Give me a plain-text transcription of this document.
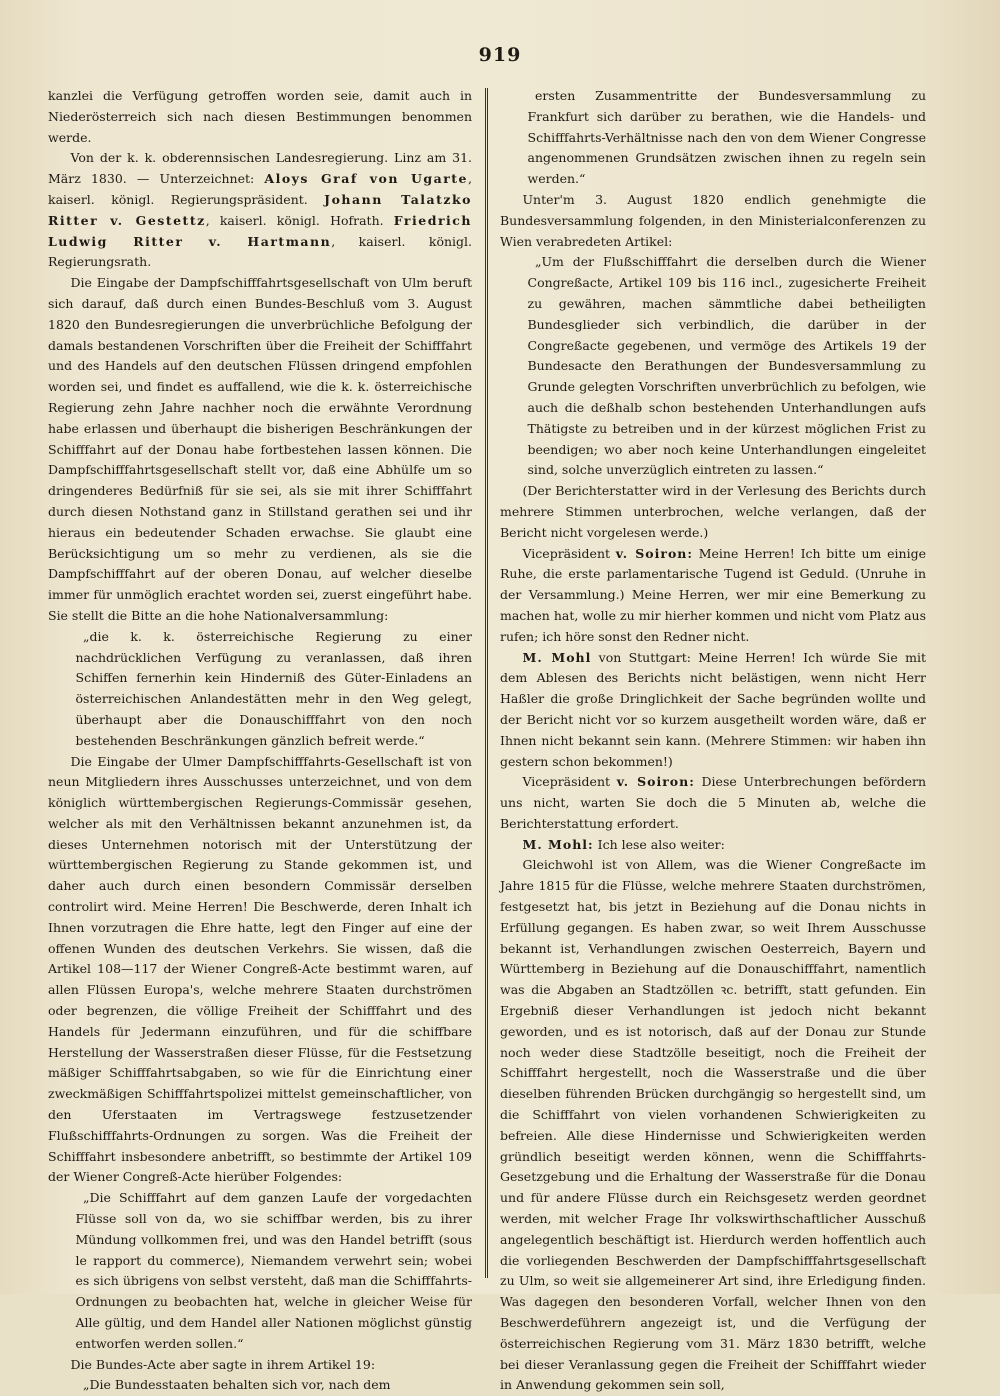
919

kanzlei die Verfügung getroffen worden seie, damit auch in Niederösterreich sich nach diesen Bestimmungen benommen werde.

Von der k. k. obderennsischen Landesregierung. Linz am 31. März 1830. — Unterzeichnet: Aloys Graf von Ugarte, kaiserl. königl. Regierungspräsident. Johann Talatzko Ritter v. Gestettz, kaiserl. königl. Hofrath. Friedrich Ludwig Ritter v. Hartmann, kaiserl. königl. Regierungsrath.

Die Eingabe der Dampfschifffahrtsgesellschaft von Ulm beruft sich darauf, daß durch einen Bundes-Beschluß vom 3. August 1820 den Bundesregierungen die unverbrüchliche Befolgung der damals bestandenen Vorschriften über die Freiheit der Schifffahrt und des Handels auf den deutschen Flüssen dringend empfohlen worden sei, und findet es auffallend, wie die k. k. österreichische Regierung zehn Jahre nachher noch die erwähnte Verordnung habe erlassen und überhaupt die bisherigen Beschränkungen der Schifffahrt auf der Donau habe fortbestehen lassen können. Die Dampfschifffahrtsgesellschaft stellt vor, daß eine Abhülfe um so dringenderes Bedürfniß für sie sei, als sie mit ihrer Schifffahrt durch diesen Nothstand ganz in Stillstand gerathen sei und ihr hieraus ein bedeutender Schaden erwachse. Sie glaubt eine Berücksichtigung um so mehr zu verdienen, als sie die Dampfschifffahrt auf der oberen Donau, auf welcher dieselbe immer für unmöglich erachtet worden sei, zuerst eingeführt habe. Sie stellt die Bitte an die hohe Nationalversammlung:

„die k. k. österreichische Regierung zu einer nachdrücklichen Verfügung zu veranlassen, daß ihren Schiffen fernerhin kein Hinderniß des Güter-Einladens an österreichischen Anlandestätten mehr in den Weg gelegt, überhaupt aber die Donauschifffahrt von den noch bestehenden Beschränkungen gänzlich befreit werde.“

Die Eingabe der Ulmer Dampfschifffahrts-Gesellschaft ist von neun Mitgliedern ihres Ausschusses unterzeichnet, und von dem königlich württembergischen Regierungs-Commissär gesehen, welcher als mit den Verhältnissen bekannt anzunehmen ist, da dieses Unternehmen notorisch mit der Unterstützung der württembergischen Regierung zu Stande gekommen ist, und daher auch durch einen besondern Commissär derselben controlirt wird. Meine Herren! Die Beschwerde, deren Inhalt ich Ihnen vorzutragen die Ehre hatte, legt den Finger auf eine der offenen Wunden des deutschen Verkehrs. Sie wissen, daß die Artikel 108—117 der Wiener Congreß-Acte bestimmt waren, auf allen Flüssen Europa's, welche mehrere Staaten durchströmen oder begrenzen, die völlige Freiheit der Schifffahrt und des Handels für Jedermann einzuführen, und für die schiffbare Herstellung der Wasserstraßen dieser Flüsse, für die Festsetzung mäßiger Schifffahrtsabgaben, so wie für die Einrichtung einer zweckmäßigen Schifffahrtspolizei mittelst gemeinschaftlicher, von den Uferstaaten im Vertragswege festzusetzender Flußschifffahrts-Ordnungen zu sorgen. Was die Freiheit der Schifffahrt insbesondere anbetrifft, so bestimmte der Artikel 109 der Wiener Congreß-Acte hierüber Folgendes:

„Die Schifffahrt auf dem ganzen Laufe der vorgedachten Flüsse soll von da, wo sie schiffbar werden, bis zu ihrer Mündung vollkommen frei, und was den Handel betrifft (sous le rapport du commerce), Niemandem verwehrt sein; wobei es sich übrigens von selbst versteht, daß man die Schifffahrts-Ordnungen zu beobachten hat, welche in gleicher Weise für Alle gültig, und dem Handel aller Nationen möglichst günstig entworfen werden sollen.“

Die Bundes-Acte aber sagte in ihrem Artikel 19:

„Die Bundesstaaten behalten sich vor, nach dem

ersten Zusammentritte der Bundesversammlung zu Frankfurt sich darüber zu berathen, wie die Handels- und Schifffahrts-Verhältnisse nach den von dem Wiener Congresse angenommenen Grundsätzen zwischen ihnen zu regeln sein werden.“

Unter'm 3. August 1820 endlich genehmigte die Bundesversammlung folgenden, in den Ministerialconferenzen zu Wien verabredeten Artikel:

„Um der Flußschifffahrt die derselben durch die Wiener Congreßacte, Artikel 109 bis 116 incl., zugesicherte Freiheit zu gewähren, machen sämmtliche dabei betheiligten Bundesglieder sich verbindlich, die darüber in der Congreßacte gegebenen, und vermöge des Artikels 19 der Bundesacte den Berathungen der Bundesversammlung zu Grunde gelegten Vorschriften unverbrüchlich zu befolgen, wie auch die deßhalb schon bestehenden Unterhandlungen aufs Thätigste zu betreiben und in der kürzest möglichen Frist zu beendigen; wo aber noch keine Unterhandlungen eingeleitet sind, solche unverzüglich eintreten zu lassen.“

(Der Berichterstatter wird in der Verlesung des Berichts durch mehrere Stimmen unterbrochen, welche verlangen, daß der Bericht nicht vorgelesen werde.)

Vicepräsident v. Soiron: Meine Herren! Ich bitte um einige Ruhe, die erste parlamentarische Tugend ist Geduld. (Unruhe in der Versammlung.) Meine Herren, wer mir eine Bemerkung zu machen hat, wolle zu mir hierher kommen und nicht vom Platz aus rufen; ich höre sonst den Redner nicht.

M. Mohl von Stuttgart: Meine Herren! Ich würde Sie mit dem Ablesen des Berichts nicht belästigen, wenn nicht Herr Haßler die große Dringlichkeit der Sache begründen wollte und der Bericht nicht vor so kurzem ausgetheilt worden wäre, daß er Ihnen nicht bekannt sein kann. (Mehrere Stimmen: wir haben ihn gestern schon bekommen!)

Vicepräsident v. Soiron: Diese Unterbrechungen befördern uns nicht, warten Sie doch die 5 Minuten ab, welche die Berichterstattung erfordert.

M. Mohl: Ich lese also weiter:

Gleichwohl ist von Allem, was die Wiener Congreßacte im Jahre 1815 für die Flüsse, welche mehrere Staaten durchströmen, festgesetzt hat, bis jetzt in Beziehung auf die Donau nichts in Erfüllung gegangen. Es haben zwar, so weit Ihrem Ausschusse bekannt ist, Verhandlungen zwischen Oesterreich, Bayern und Württemberg in Beziehung auf die Donauschifffahrt, namentlich was die Abgaben an Stadtzöllen ꝛc. betrifft, statt gefunden. Ein Ergebniß dieser Verhandlungen ist jedoch nicht bekannt geworden, und es ist notorisch, daß auf der Donau zur Stunde noch weder diese Stadtzölle beseitigt, noch die Freiheit der Schifffahrt hergestellt, noch die Wasserstraße und die über dieselben führenden Brücken durchgängig so hergestellt sind, um die Schifffahrt von vielen vorhandenen Schwierigkeiten zu befreien. Alle diese Hindernisse und Schwierigkeiten werden gründlich beseitigt werden können, wenn die Schifffahrts-Gesetzgebung und die Erhaltung der Wasserstraße für die Donau und für andere Flüsse durch ein Reichsgesetz werden geordnet werden, mit welcher Frage Ihr volkswirthschaftlicher Ausschuß angelegentlich beschäftigt ist. Hierdurch werden hoffentlich auch die vorliegenden Beschwerden der Dampfschifffahrtsgesellschaft zu Ulm, so weit sie allgemeinerer Art sind, ihre Erledigung finden. Was dagegen den besonderen Vorfall, welcher Ihnen von den Beschwerdeführern angezeigt ist, und die Verfügung der österreichischen Regierung vom 31. März 1830 betrifft, welche bei dieser Veranlassung gegen die Freiheit der Schifffahrt wieder in Anwendung gekommen sein soll,
